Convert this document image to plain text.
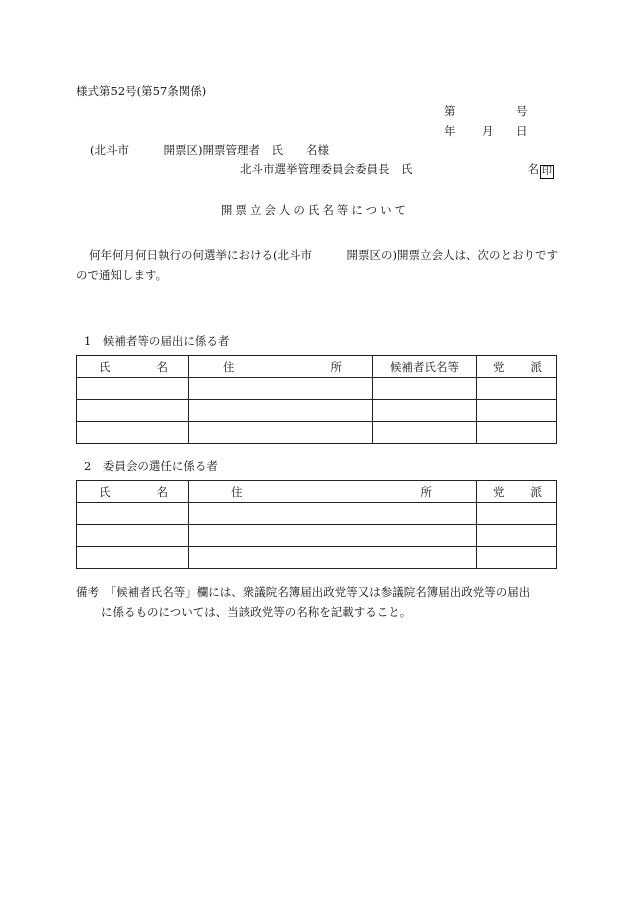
様式第52号(第57条関係)
第	号
年 月 日
(北斗市　　　開票区)開票管理者　氏　　名様
北斗市選挙管理委員会委員長　氏　　　　　　　　　　名 印
開票立会人の氏名等について
何年何月何日執行の何選挙における(北斗市　　　開票区の)開票立会人は、次のとおりですので通知します。
1　候補者等の届出に係る者
氏 名	住 所	候補者氏名等	党 派

2　委員会の選任に係る者
氏 名	住 所	党 派

備考　「候補者氏名等」欄には、衆議院名簿届出政党等又は参議院名簿届出政党等の届出
に係るものについては、当該政党等の名称を記載すること。
